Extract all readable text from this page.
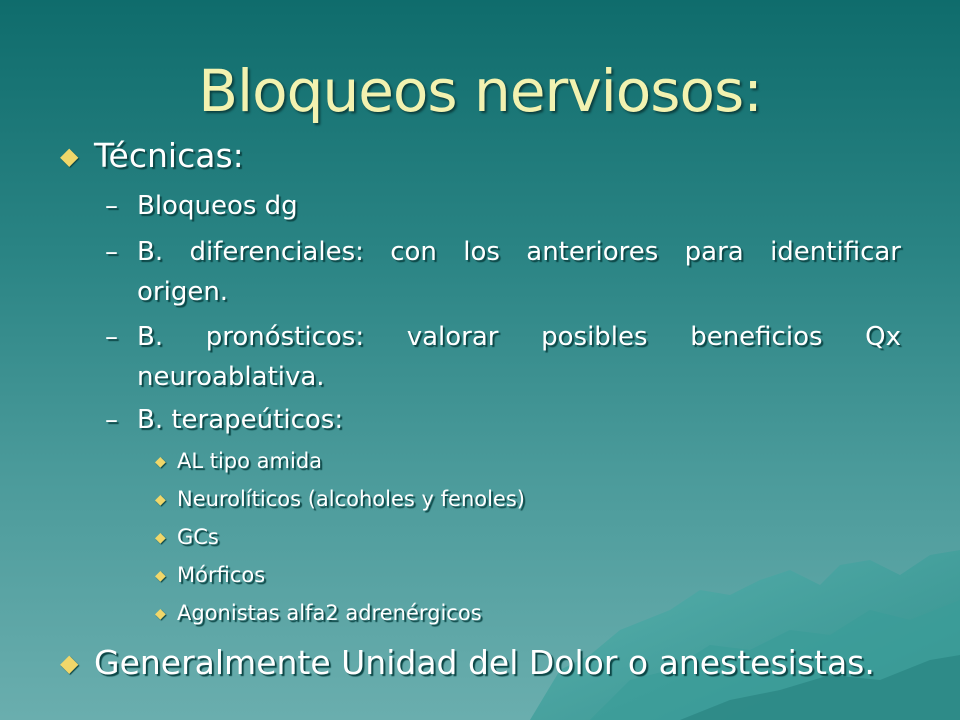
Bloqueos nerviosos:
◆ Técnicas:
– Bloqueos dg
– B. diferenciales: con los anteriores para identificar
origen.
– B. pronósticos: valorar posibles beneficios Qx
neuroablativa.
– B. terapeúticos:
◆ AL tipo amida
◆ Neurolíticos (alcoholes y fenoles)
◆ GCs
◆ Mórficos
◆ Agonistas alfa2 adrenérgicos
◆ Generalmente Unidad del Dolor o anestesistas.
